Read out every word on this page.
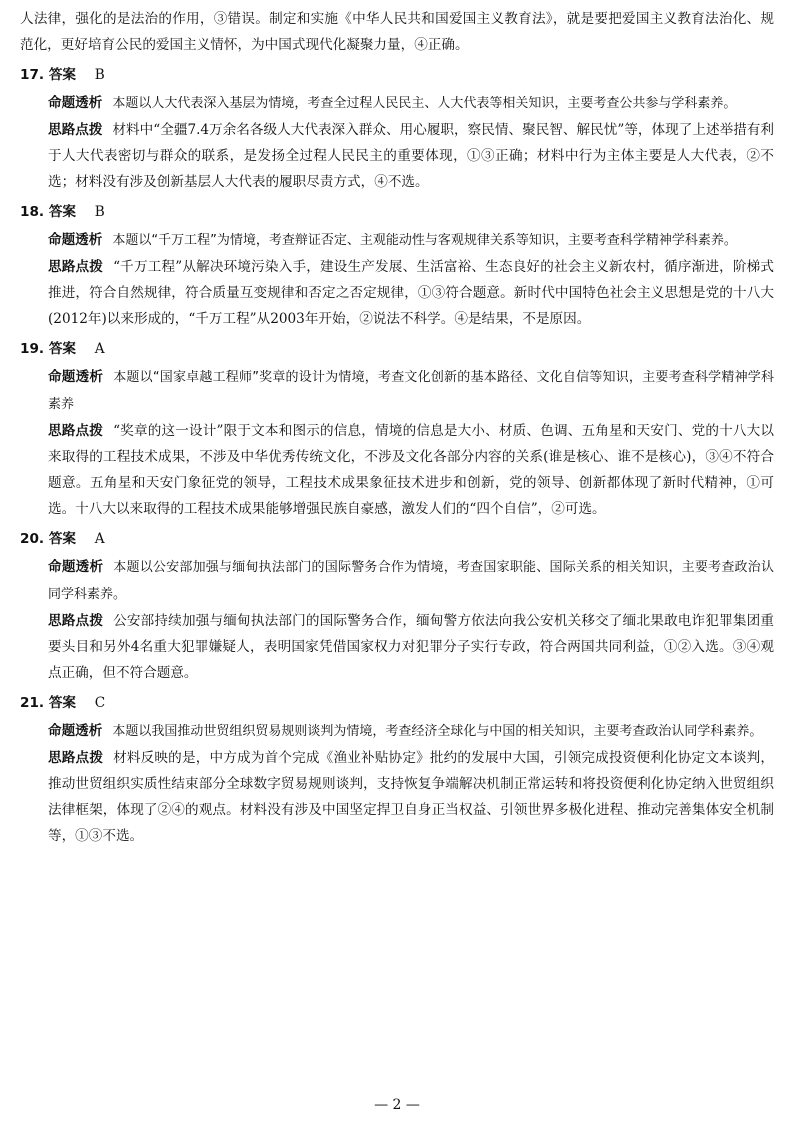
人法律，强化的是法治的作用，③错误。制定和实施《中华人民共和国爱国主义教育法》，就是要把爱国主义教育法治化、规范化，更好培育公民的爱国主义情怀，为中国式现代化凝聚力量，④正确。

17. 答案 B

命题透析 本题以人大代表深入基层为情境，考查全过程人民民主、人大代表等相关知识，主要考查公共参与学科素养。

思路点拨 材料中“全疆7.4万余名各级人大代表深入群众、用心履职，察民情、聚民智、解民忧”等，体现了上述举措有利于人大代表密切与群众的联系，是发扬全过程人民民主的重要体现，①③正确；材料中行为主体主要是人大代表，②不选；材料没有涉及创新基层人大代表的履职尽责方式，④不选。

18. 答案 B

命题透析 本题以“千万工程”为情境，考查辩证否定、主观能动性与客观规律关系等知识，主要考查科学精神学科素养。

思路点拨 “千万工程”从解决环境污染入手，建设生产发展、生活富裕、生态良好的社会主义新农村，循序渐进，阶梯式推进，符合自然规律，符合质量互变规律和否定之否定规律，①③符合题意。新时代中国特色社会主义思想是党的十八大(2012年)以来形成的，“千万工程”从2003年开始，②说法不科学。④是结果，不是原因。

19. 答案 A

命题透析 本题以“国家卓越工程师”奖章的设计为情境，考查文化创新的基本路径、文化自信等知识，主要考查科学精神学科素养

思路点拨 “奖章的这一设计”限于文本和图示的信息，情境的信息是大小、材质、色调、五角星和天安门、党的十八大以来取得的工程技术成果，不涉及中华优秀传统文化，不涉及文化各部分内容的关系(谁是核心、谁不是核心)，③④不符合题意。五角星和天安门象征党的领导，工程技术成果象征技术进步和创新，党的领导、创新都体现了新时代精神，①可选。十八大以来取得的工程技术成果能够增强民族自豪感，激发人们的“四个自信”，②可选。

20. 答案 A

命题透析 本题以公安部加强与缅甸执法部门的国际警务合作为情境，考查国家职能、国际关系的相关知识，主要考查政治认同学科素养。

思路点拨 公安部持续加强与缅甸执法部门的国际警务合作，缅甸警方依法向我公安机关移交了缅北果敢电诈犯罪集团重要头目和另外4名重大犯罪嫌疑人，表明国家凭借国家权力对犯罪分子实行专政，符合两国共同利益，①②入选。③④观点正确，但不符合题意。

21. 答案 C

命题透析 本题以我国推动世贸组织贸易规则谈判为情境，考查经济全球化与中国的相关知识，主要考查政治认同学科素养。

思路点拨 材料反映的是，中方成为首个完成《渔业补贴协定》批约的发展中大国，引领完成投资便利化协定文本谈判，推动世贸组织实质性结束部分全球数字贸易规则谈判，支持恢复争端解决机制正常运转和将投资便利化协定纳入世贸组织法律框架，体现了②④的观点。材料没有涉及中国坚定捍卫自身正当权益、引领世界多极化进程、推动完善集体安全机制等，①③不选。

— 2 —
